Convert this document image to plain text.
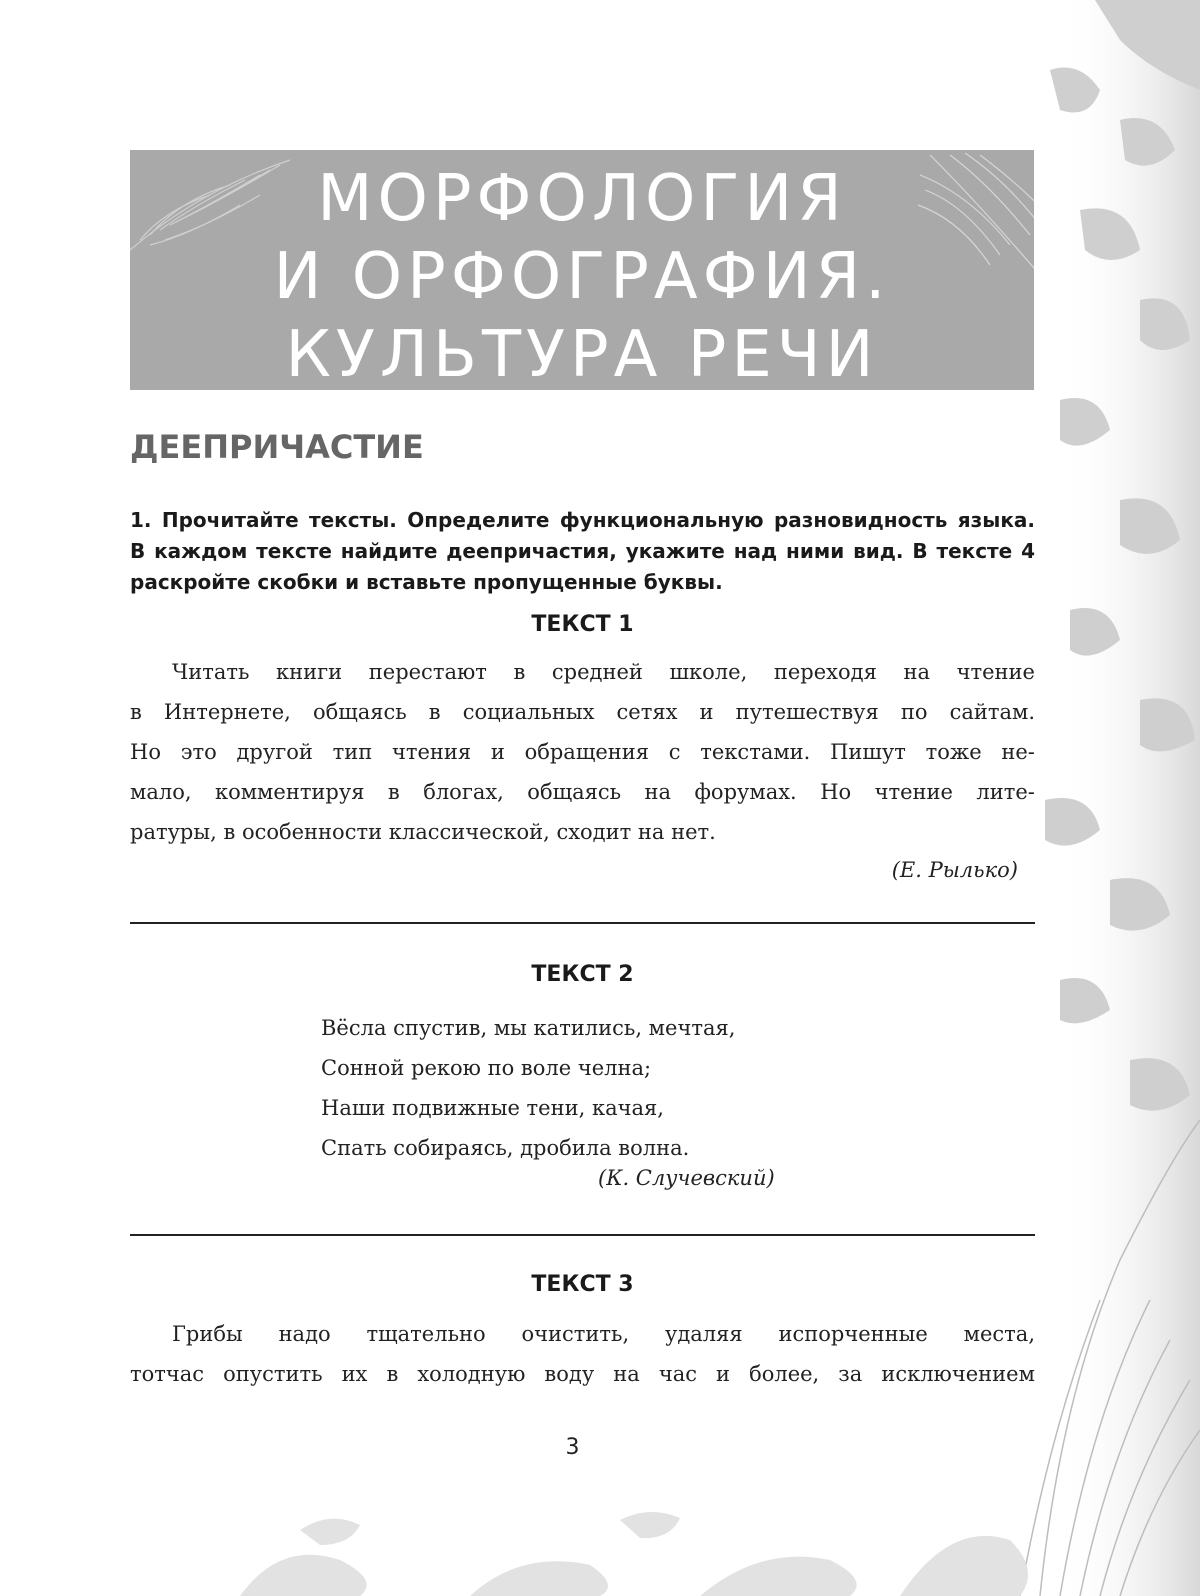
МОРФОЛОГИЯ
И ОРФОГРАФИЯ.
КУЛЬТУРА РЕЧИ
ДЕЕПРИЧАСТИЕ

1. Прочитайте тексты. Определите функциональную разновидность языка. В каждом тексте найдите деепричастия, укажите над ними вид. В тексте 4 раскройте скобки и вставьте пропущенные буквы.

ТЕКСТ 1
Читать книги перестают в средней школе, переходя на чтение
в Интернете, общаясь в социальных сетях и путешествуя по сайтам.
Но это другой тип чтения и обращения с текстами. Пишут тоже не-
мало, комментируя в блогах, общаясь на форумах. Но чтение лите-
ратуры, в особенности классической, сходит на нет.

(Е. Рылько)

ТЕКСТ 2
Вёсла спустив, мы катились, мечтая,
Сонной рекою по воле челна;
Наши подвижные тени, качая,
Спать собираясь, дробила волна.

(К. Случевский)

ТЕКСТ 3
Грибы надо тщательно очистить, удаляя испорченные места,
тотчас опустить их в холодную воду на час и более, за исключением
3
